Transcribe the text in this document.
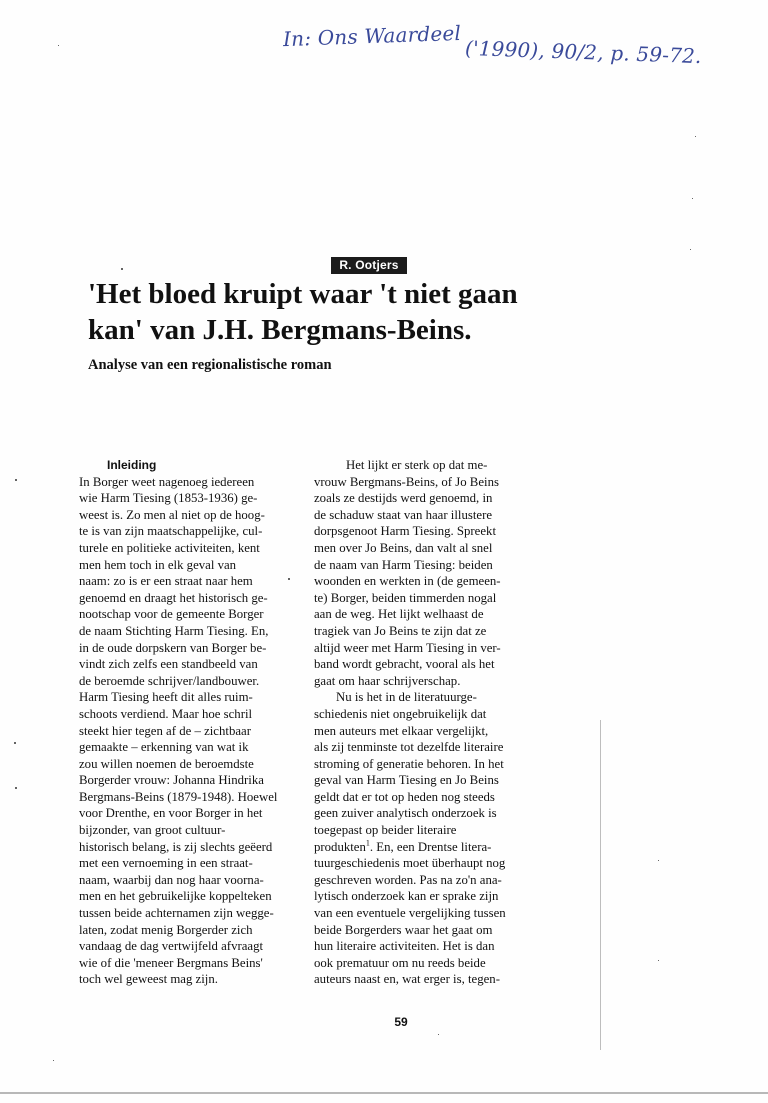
In: Ons Waardeel ('1990), 90/2, p. 59-72.
R. Ootjers
'Het bloed kruipt waar 't niet gaan
kan' van J.H. Bergmans-Beins.

Analyse van een regionalistische roman

Inleiding
In Borger weet nagenoeg iedereen
wie Harm Tiesing (1853-1936) ge-
weest is. Zo men al niet op de hoog-
te is van zijn maatschappelijke, cul-
turele en politieke activiteiten, kent
men hem toch in elk geval van
naam: zo is er een straat naar hem
genoemd en draagt het historisch ge-
nootschap voor de gemeente Borger
de naam Stichting Harm Tiesing. En,
in de oude dorpskern van Borger be-
vindt zich zelfs een standbeeld van
de beroemde schrijver/landbouwer.
Harm Tiesing heeft dit alles ruim-
schoots verdiend. Maar hoe schril
steekt hier tegen af de – zichtbaar
gemaakte – erkenning van wat ik
zou willen noemen de beroemdste
Borgerder vrouw: Johanna Hindrika
Bergmans-Beins (1879-1948). Hoewel
voor Drenthe, en voor Borger in het
bijzonder, van groot cultuur-
historisch belang, is zij slechts geëerd
met een vernoeming in een straat-
naam, waarbij dan nog haar voorna-
men en het gebruikelijke koppelteken
tussen beide achternamen zijn wegge-
laten, zodat menig Borgerder zich
vandaag de dag vertwijfeld afvraagt
wie of die 'meneer Bergmans Beins'
toch wel geweest mag zijn.
Het lijkt er sterk op dat me-
vrouw Bergmans-Beins, of Jo Beins
zoals ze destijds werd genoemd, in
de schaduw staat van haar illustere
dorpsgenoot Harm Tiesing. Spreekt
men over Jo Beins, dan valt al snel
de naam van Harm Tiesing: beiden
woonden en werkten in (de gemeen-
te) Borger, beiden timmerden nogal
aan de weg. Het lijkt welhaast de
tragiek van Jo Beins te zijn dat ze
altijd weer met Harm Tiesing in ver-
band wordt gebracht, vooral als het
gaat om haar schrijverschap.
Nu is het in de literatuurge-
schiedenis niet ongebruikelijk dat
men auteurs met elkaar vergelijkt,
als zij tenminste tot dezelfde literaire
stroming of generatie behoren. In het
geval van Harm Tiesing en Jo Beins
geldt dat er tot op heden nog steeds
geen zuiver analytisch onderzoek is
toegepast op beider literaire
produkten$^1$. En, een Drentse litera-
tuurgeschiedenis moet überhaupt nog
geschreven worden. Pas na zo'n ana-
lytisch onderzoek kan er sprake zijn
van een eventuele vergelijking tussen
beide Borgerders waar het gaat om
hun literaire activiteiten. Het is dan
ook prematuur om nu reeds beide
auteurs naast en, wat erger is, tegen-
59
